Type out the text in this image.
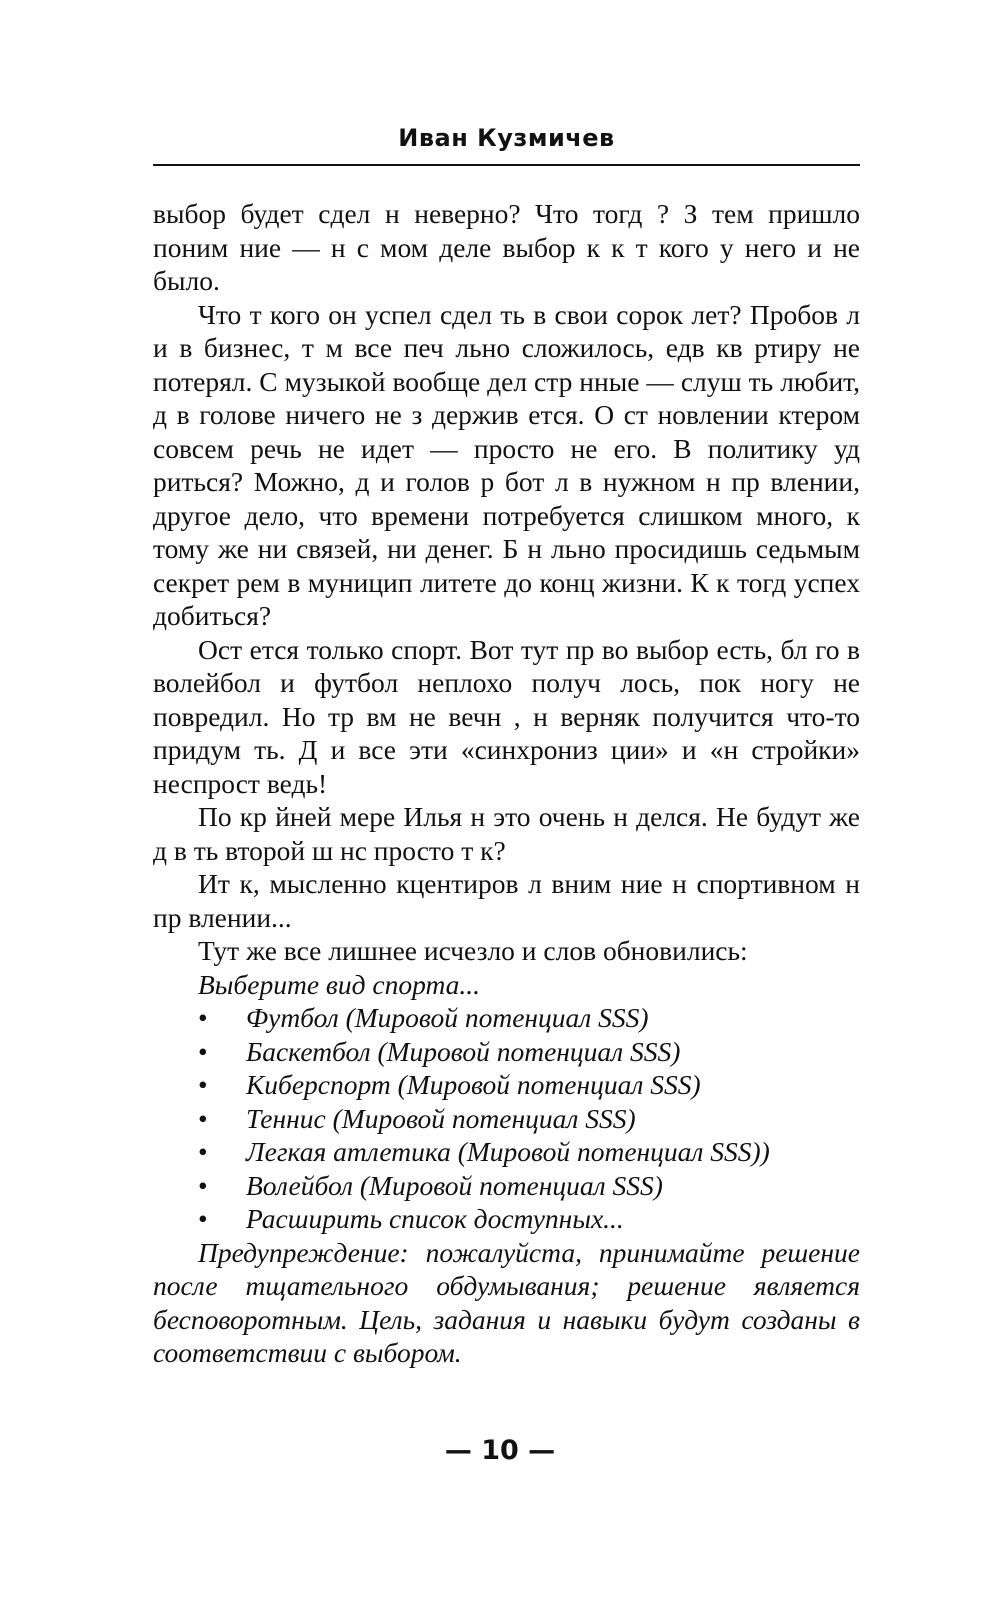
Иван Кузмичев

выбор будет сдел н неверно? Что тогд ? З тем пришло поним ние — н с мом деле выбор к к т кого у него и не было.

Что т кого он успел сдел ть в свои сорок лет? Пробов л и в бизнес, т м все печ льно сложилось, едв кв ртиру не потерял. С музыкой вообще дел стр нные — слуш ть любит, д в голове ничего не з держив ется. О ст новлении ктером совсем речь не идет — просто не его. В политику уд риться? Можно, д и голов р бот л в нужном н пр влении, другое дело, что времени потребуется слишком много, к тому же ни связей, ни денег. Б н льно просидишь седьмым секрет рем в муницип литете до конц жизни. К к тогд успех добиться?

Ост ется только спорт. Вот тут пр во выбор есть, бл го в волейбол и футбол неплохо получ лось, пок ногу не повредил. Но тр вм не вечн , н верняк получится что-то придум ть. Д и все эти «синхрониз ции» и «н стройки» неспрост ведь!

По кр йней мере Илья н это очень н делся. Не будут же д в ть второй ш нс просто т к?

Ит к, мысленно кцентиров л вним ние н спортивном н пр влении...

Тут же все лишнее исчезло и слов обновились:

Выберите вид спорта...

• Футбол (Мировой потенциал SSS)
• Баскетбол (Мировой потенциал SSS)
• Киберспорт (Мировой потенциал SSS)
• Теннис (Мировой потенциал SSS)
• Легкая атлетика (Мировой потенциал SSS))
• Волейбол (Мировой потенциал SSS)
• Расширить список доступных...

Предупреждение: пожалуйста, принимайте решение после тщательного обдумывания; решение является бесповоротным. Цель, задания и навыки будут созданы в соответствии с выбором.

— 10 —
